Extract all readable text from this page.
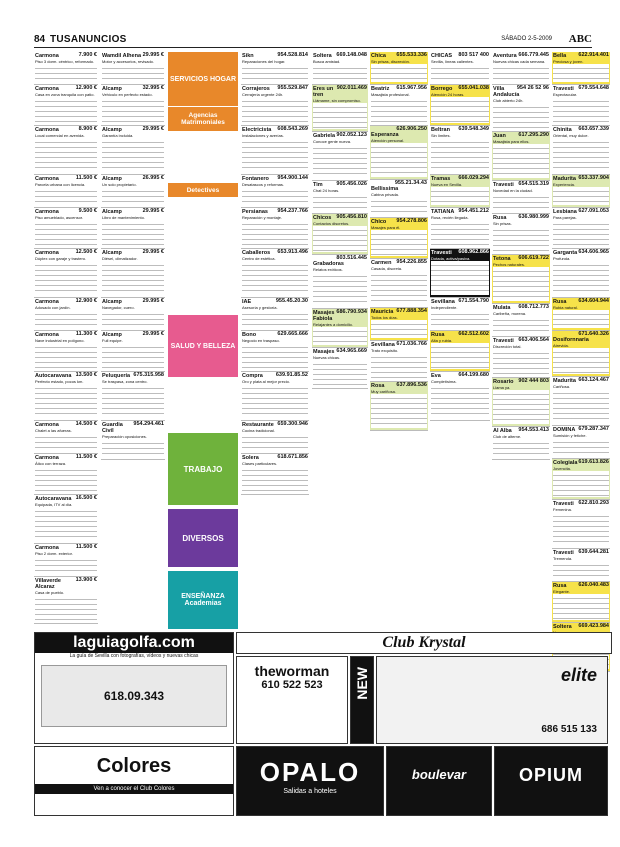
84 TUSANUNCIOS	SÁBADO 2-5-2009 ABC
7.900 €
Carmona
Piso 3 dorm. céntrico, reformado.
12.900 €
Carmona
Casa en zona tranquila con patio.
8.900 €
Carmona
Local comercial en avenida.
11.500 €
Carmona
Parcela urbana con licencia.
9.500 €
Carmona
Piso amueblado, ascensor.
12.500 €
Carmona
Dúplex con garaje y trastero.
12.900 €
Carmona
Adosado con jardín.
11.300 €
Carmona
Nave industrial en polígono.
13.500 €
Autocaravana
Perfecto estado, pocos km.
14.500 €
Carmona
Chalet a las afueras.
11.500 €
Carmona
Ático con terraza.
16.500 €
Autocaravana
Equipada, ITV al día.
11.500 €
Carmona
Piso 2 dorm. exterior.
13.900 €
Villaverde Alcaraz
Casa de pueblo.
29.995 €
Wamdil Alhena
Motor y accesorios, revisado.
32.995 €
Alcamp
Vehículo en perfecto estado.
29.995 €
Alcamp
Garantía incluida.
26.995 €
Alcamp
Un solo propietario.
29.995 €
Alcamp
Libro de mantenimiento.
29.995 €
Alcamp
Diésel, climatizador.
29.995 €
Alcamp
Navegador, cuero.
29.995 €
Alcamp
Full equipe.
675.315.958
Peluquería
Se traspasa, zona centro.
954.294.461
Guardia Civil
Preparación oposiciones.
SERVICIOS HOGAR
Agencias Matrimoniales
Detectives
SALUD Y BELLEZA
TRABAJO
DIVERSOS
ENSEÑANZA Academias
954.528.814
Sikn
Reparaciones del hogar.
955.529.847
Corrajeros
Cerrajería urgente 24h.
608.543.269
Electricista
Instalaciones y averías.
954.900.144
Fontanero
Desatascos y reformas.
954.237.766
Persianas
Reparación y montaje.
653.913.496
Caballeros
Centro de estética.
955.45.20.30
IAE
Asesoría y gestoría.
629.665.666
Bono
Negocio en traspaso.
639.91.85.52
Compra
Oro y plata al mejor precio.
659.300.946
Restaurante
Cocina tradicional.
618.671.856
Solera
Clases particulares.
669.148.048
Soltera
Busca amistad.
902.011.469
Eres un tren
Llámame, sin compromiso.
902.052.123
Gabriela
Conoce gente nueva.
905.456.026
Tim
Chat 24 horas.
905.456.810
Chicos
Contactos discretos.
803.516.445
Grabadoras
Relatos eróticos.
686.790.934
Masajes Fabiola
Relajantes a domicilio.
634.965.669
Masajes
Nuevas chicas.
655.533.336
Chica
Sin prisas, discreción.
615.967.956
Beatriz
Masajista profesional.
626.906.250
Esperanza
Atención personal.
955.21.34.43
Bellissima
Cabina privada.
954.278.806
Chico
Masajes para él.
954.226.855
Carmen
Casada, discreta.
677.888.354
Mauricia
Todos los días.
671.036.766
Sevillana
Trato exquisito.
637.896.536
Rosa
Muy cariñosa.
803 517 400
CHICAS
Sevilla, líneas calientes.
655.041.038
Borrego
Atención 24 horas.
639.548.349
Beltran
Sin límites.
666.029.294
Tramas
Nueva en Sevilla.
954.451.212
TATIANA
Rusa, recién llegada.
608.962.866
Travesti
Dotada, activa/pasiva.
671.554.790
Sevillana
Independiente.
662.512.602
Rusa
Alta y rubia.
664.199.680
Eva
Completísima.
666.779.445
Aventura
Nuevas chicas cada semana.
954 26 52 96
Villa Andalucía
Club abierto 24h.
617.295.290
Juan
Masajista para ellos.
654.515.319
Travesti
Novedad en la ciudad.
636.980.999
Rusa
Sin prisas.
606.619.722
Tetona
Pechos naturales.
608.712.773
Mulata
Caribeña, morena.
663.406.564
Travesti
Discreción total.
902 444 803
Rosario
Llama ya.
954.553.413
Al Alba
Club de alterne.
622.914.401
Bella
Preciosa y joven.
679.554.648
Travesti
Espectacular.
663.657.339
Chinita
Oriental, muy dulce.
653.337.904
Madurita
Experiencia.
627.091.053
Lesbiana
Para parejas.
634.606.965
Garganta
Profunda.
634.604.944
Rusa
Rubia natural.
671.640.326
Dosifornnaria
Atrevida.
663.124.467
Madurita
Cariñosa.
679.287.347
DOMINA
Sumisión y fetiche.
619.613.826
Colegiala
Jovencita.
622.810.293
Travesti
Femenina.
639.644.281
Travesti
Tremenda.
626.040.483
Rusa
Elegante.
669.423.984
Soltera
laguiagolfa.com
La guía de Sevilla con fotografías, vídeos y nuevas chicas
618.09.343
Club Krystal
theworman
610 522 523	NEW	elite
686 515 133
Colores
Ven a conocer el Club Colores
OPALO
Salidas a hoteles
boulevar	OPIUM
